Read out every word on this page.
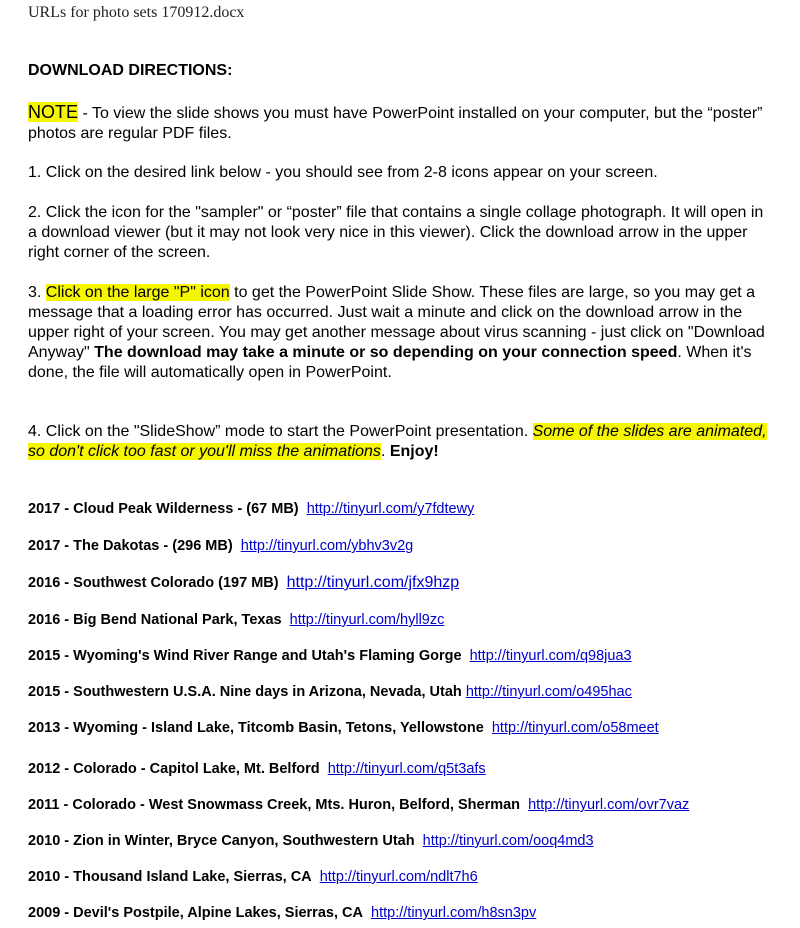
URLs for photo sets 170912.docx
DOWNLOAD DIRECTIONS:

NOTE - To view the slide shows you must have PowerPoint installed on your computer, but the “poster” photos are regular PDF files.

1. Click on the desired link below - you should see from 2-8 icons appear on your screen.

2. Click the icon for the "sampler" or “poster” file that contains a single collage photograph. It will open in a download viewer (but it may not look very nice in this viewer). Click the download arrow in the upper right corner of the screen.

3. Click on the large "P" icon to get the PowerPoint Slide Show. These files are large, so you may get a message that a loading error has occurred. Just wait a minute and click on the download arrow in the upper right of your screen. You may get another message about virus scanning - just click on "Download Anyway" The download may take a minute or so depending on your connection speed. When it's done, the file will automatically open in PowerPoint.

4. Click on the "SlideShow” mode to start the PowerPoint presentation. Some of the slides are animated, so don't click too fast or you'll miss the animations. Enjoy!

2017 - Cloud Peak Wilderness - (67 MB) http://tinyurl.com/y7fdtewy
2017 - The Dakotas - (296 MB) http://tinyurl.com/ybhv3v2g
2016 - Southwest Colorado (197 MB) http://tinyurl.com/jfx9hzp
2016 - Big Bend National Park, Texas http://tinyurl.com/hyll9zc
2015 - Wyoming's Wind River Range and Utah's Flaming Gorge http://tinyurl.com/q98jua3
2015 - Southwestern U.S.A. Nine days in Arizona, Nevada, Utah http://tinyurl.com/o495hac
2013 - Wyoming - Island Lake, Titcomb Basin, Tetons, Yellowstone http://tinyurl.com/o58meet
2012 - Colorado - Capitol Lake, Mt. Belford http://tinyurl.com/q5t3afs
2011 - Colorado - West Snowmass Creek, Mts. Huron, Belford, Sherman http://tinyurl.com/ovr7vaz
2010 - Zion in Winter, Bryce Canyon, Southwestern Utah http://tinyurl.com/ooq4md3
2010 - Thousand Island Lake, Sierras, CA http://tinyurl.com/ndlt7h6
2009 - Devil's Postpile, Alpine Lakes, Sierras, CA http://tinyurl.com/h8sn3pv
